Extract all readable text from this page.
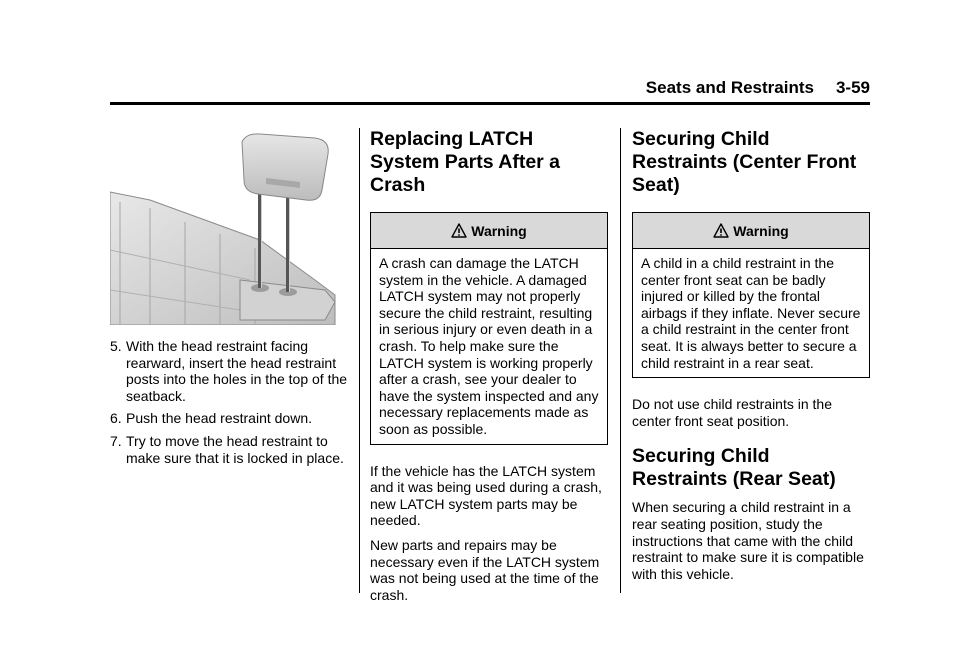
Seats and Restraints 3-59
5. With the head restraint facing rearward, insert the head restraint posts into the holes in the top of the seatback.
6. Push the head restraint down.
7. Try to move the head restraint to make sure that it is locked in place.
Replacing LATCH System Parts After a Crash
Warning
A crash can damage the LATCH system in the vehicle. A damaged LATCH system may not properly secure the child restraint, resulting in serious injury or even death in a crash. To help make sure the LATCH system is working properly after a crash, see your dealer to have the system inspected and any necessary replacements made as soon as possible.

If the vehicle has the LATCH system and it was being used during a crash, new LATCH system parts may be needed.

New parts and repairs may be necessary even if the LATCH system was not being used at the time of the crash.

Securing Child Restraints (Center Front Seat)
Warning
A child in a child restraint in the center front seat can be badly injured or killed by the frontal airbags if they inflate. Never secure a child restraint in the center front seat. It is always better to secure a child restraint in a rear seat.

Do not use child restraints in the center front seat position.

Securing Child Restraints (Rear Seat)

When securing a child restraint in a rear seating position, study the instructions that came with the child restraint to make sure it is compatible with this vehicle.
